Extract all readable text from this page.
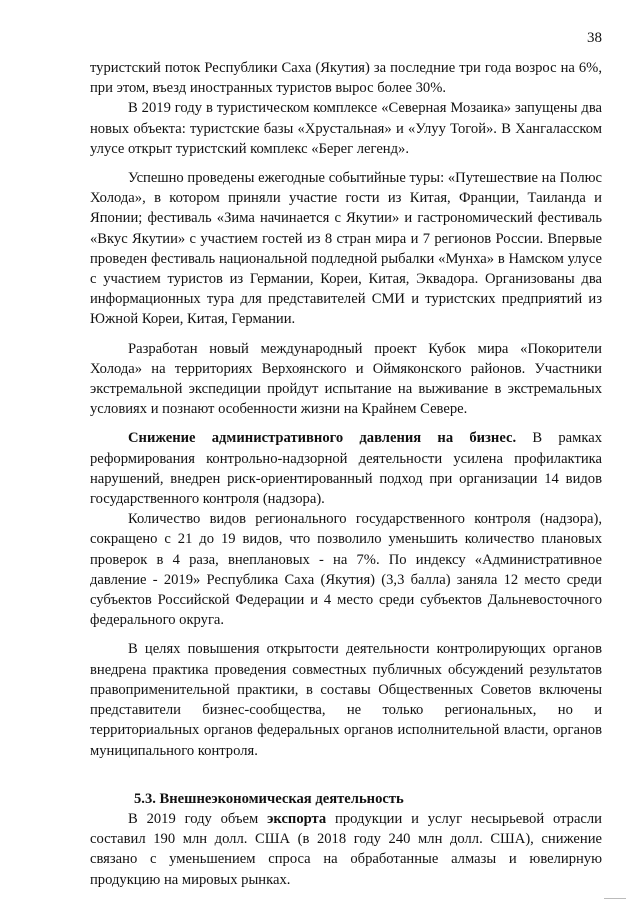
38

туристский поток Республики Саха (Якутия) за последние три года возрос на 6%, при этом, въезд иностранных туристов вырос более 30%.

В 2019 году в туристическом комплексе «Северная Мозаика» запущены два новых объекта: туристские базы «Хрустальная» и «Улуу Тогой». В Хангаласском улусе открыт туристский комплекс «Берег легенд».

Успешно проведены ежегодные событийные туры: «Путешествие на Полюс Холода», в котором приняли участие гости из Китая, Франции, Таиланда и Японии; фестиваль «Зима начинается с Якутии» и гастрономический фестиваль «Вкус Якутии» с участием гостей из 8 стран мира и 7 регионов России. Впервые проведен фестиваль национальной подледной рыбалки «Мунха» в Намском улусе с участием туристов из Германии, Кореи, Китая, Эквадора. Организованы два информационных тура для представителей СМИ и туристских предприятий из Южной Кореи, Китая, Германии.

Разработан новый международный проект Кубок мира «Покорители Холода» на территориях Верхоянского и Оймяконского районов. Участники экстремальной экспедиции пройдут испытание на выживание в экстремальных условиях и познают особенности жизни на Крайнем Севере.

Снижение административного давления на бизнес. В рамках реформирования контрольно-надзорной деятельности усилена профилактика нарушений, внедрен риск-ориентированный подход при организации 14 видов государственного контроля (надзора).

Количество видов регионального государственного контроля (надзора), сокращено с 21 до 19 видов, что позволило уменьшить количество плановых проверок в 4 раза, внеплановых - на 7%. По индексу «Административное давление - 2019» Республика Саха (Якутия) (3,3 балла) заняла 12 место среди субъектов Российской Федерации и 4 место среди субъектов Дальневосточного федерального округа.

В целях повышения открытости деятельности контролирующих органов внедрена практика проведения совместных публичных обсуждений результатов правоприменительной практики, в составы Общественных Советов включены представители бизнес-сообщества, не только региональных, но и территориальных органов федеральных органов исполнительной власти, органов муниципального контроля.

5.3. Внешнеэкономическая деятельность

В 2019 году объем экспорта продукции и услуг несырьевой отрасли составил 190 млн долл. США (в 2018 году 240 млн долл. США), снижение связано с уменьшением спроса на обработанные алмазы и ювелирную продукцию на мировых рынках.
